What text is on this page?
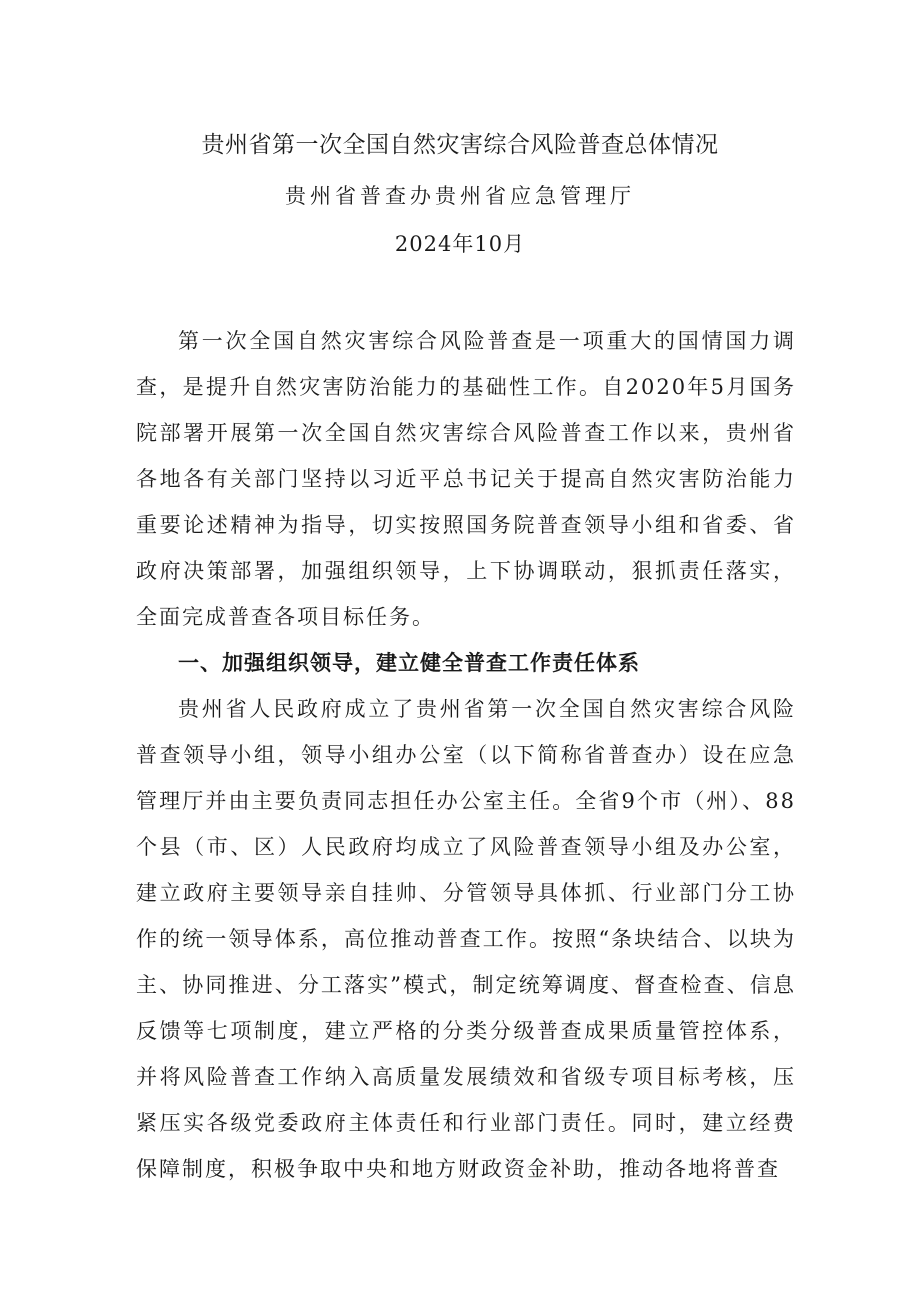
贵州省第一次全国自然灾害综合风险普查总体情况
贵州省普查办贵州省应急管理厅
2024年10月

第一次全国自然灾害综合风险普查是一项重大的国情国力调查，是提升自然灾害防治能力的基础性工作。自2020年5月国务院部署开展第一次全国自然灾害综合风险普查工作以来，贵州省各地各有关部门坚持以习近平总书记关于提高自然灾害防治能力重要论述精神为指导，切实按照国务院普查领导小组和省委、省政府决策部署，加强组织领导，上下协调联动，狠抓责任落实，全面完成普查各项目标任务。

一、加强组织领导，建立健全普查工作责任体系

贵州省人民政府成立了贵州省第一次全国自然灾害综合风险普查领导小组，领导小组办公室（以下简称省普查办）设在应急管理厅并由主要负责同志担任办公室主任。全省9个市（州）、88个县（市、区）人民政府均成立了风险普查领导小组及办公室，建立政府主要领导亲自挂帅、分管领导具体抓、行业部门分工协作的统一领导体系，高位推动普查工作。按照“条块结合、以块为主、协同推进、分工落实”模式，制定统筹调度、督查检查、信息反馈等七项制度，建立严格的分类分级普查成果质量管控体系，并将风险普查工作纳入高质量发展绩效和省级专项目标考核，压紧压实各级党委政府主体责任和行业部门责任。同时，建立经费保障制度，积极争取中央和地方财政资金补助，推动各地将普查
